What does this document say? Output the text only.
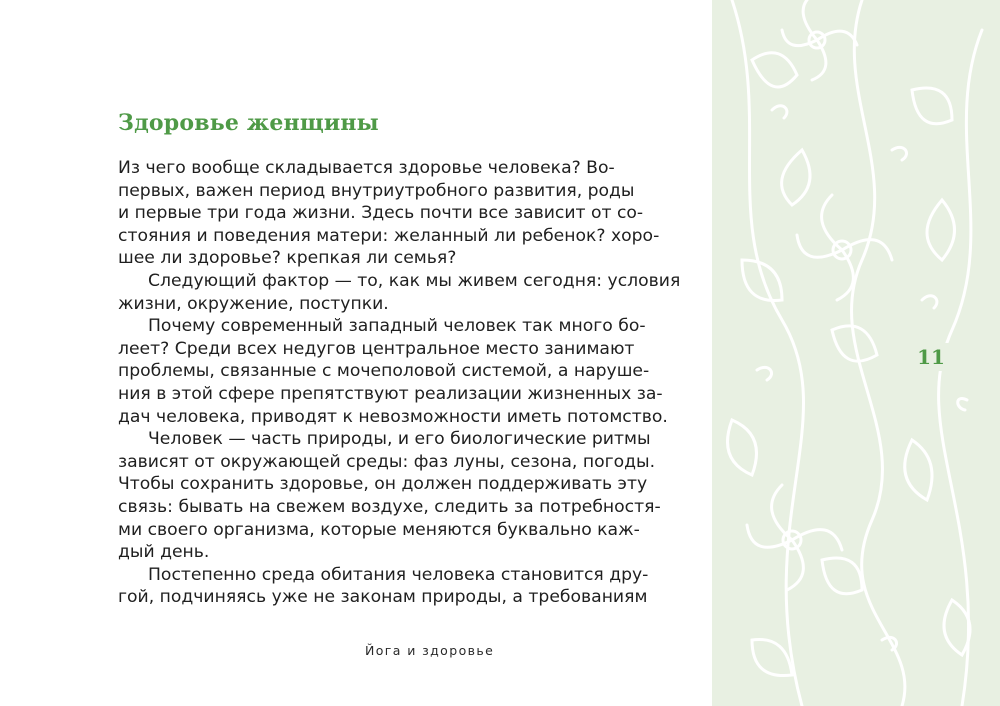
Здоровье женщины
Из чего вообще складывается здоровье человека? Во-
первых, важен период внутриутробного развития, роды
и первые три года жизни. Здесь почти все зависит от со-
стояния и поведения матери: желанный ли ребенок? хоро-
шее ли здоровье? крепкая ли семья?
Следующий фактор — то, как мы живем сегодня: условия
жизни, окружение, поступки.
Почему современный западный человек так много бо-
леет? Среди всех недугов центральное место занимают
проблемы, связанные с мочеполовой системой, а наруше-
ния в этой сфере препятствуют реализации жизненных за-
дач человека, приводят к невозможности иметь потомство.
Человек — часть природы, и его биологические ритмы
зависят от окружающей среды: фаз луны, сезона, погоды.
Чтобы сохранить здоровье, он должен поддерживать эту
связь: бывать на свежем воздухе, следить за потребностя-
ми своего организма, которые меняются буквально каж-
дый день.
Постепенно среда обитания человека становится дру-
гой, подчиняясь уже не законам природы, а требованиям
Йога и здоровье
11
